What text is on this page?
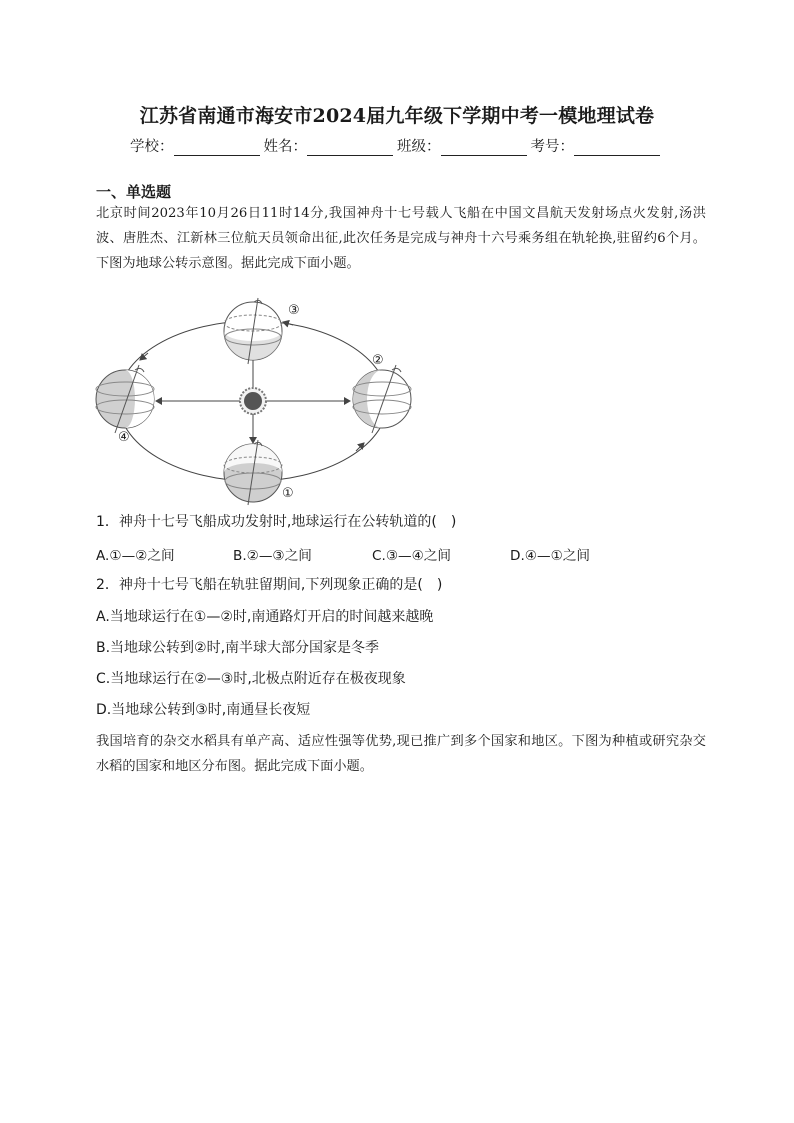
江苏省南通市海安市2024届九年级下学期中考一模地理试卷
学校：	姓名：	班级：	考号：
一、单选题
北京时间2023年10月26日11时14分,我国神舟十七号载人飞船在中国文昌航天发射场点火发射,汤洪波、唐胜杰、江新林三位航天员领命出征,此次任务是完成与神舟十六号乘务组在轨轮换,驻留约6个月。下图为地球公转示意图。据此完成下面小题。
③
②
①
④
1．神舟十七号飞船成功发射时,地球运行在公转轨道的(　)
A.①—②之间	B.②—③之间	C.③—④之间	D.④—①之间
2．神舟十七号飞船在轨驻留期间,下列现象正确的是(　)
A.当地球运行在①—②时,南通路灯开启的时间越来越晚
B.当地球公转到②时,南半球大部分国家是冬季
C.当地球运行在②—③时,北极点附近存在极夜现象
D.当地球公转到③时,南通昼长夜短
我国培育的杂交水稻具有单产高、适应性强等优势,现已推广到多个国家和地区。下图为种植或研究杂交水稻的国家和地区分布图。据此完成下面小题。
